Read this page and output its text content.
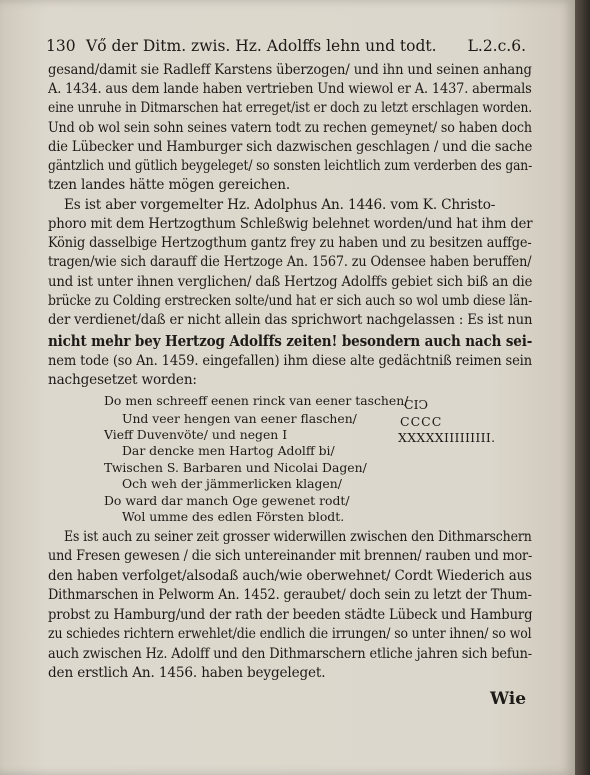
130 Vő der Ditm. zwis. Hz. Adolffs lehn und todt. L.2.c.6.
gesand/damit sie Radleff Karstens überzogen/ und ihn und seinen anhang
A. 1434. aus dem lande haben vertrieben Und wiewol er A. 1437. abermals
eine unruhe in Ditmarschen hat erreget/ist er doch zu letzt erschlagen worden.
Und ob wol sein sohn seines vatern todt zu rechen gemeynet/ so haben doch
die Lübecker und Hamburger sich dazwischen geschlagen / und die sache
gäntzlich und gütlich beygeleget/ so sonsten leichtlich zum verderben des gan-
tzen landes hätte mögen gereichen.
Es ist aber vorgemelter Hz. Adolphus An. 1446. vom K. Christo-
phoro mit dem Hertzogthum Schleßwig belehnet worden/und hat ihm der
König dasselbige Hertzogthum gantz frey zu haben und zu besitzen auffge-
tragen/wie sich darauff die Hertzoge An. 1567. zu Odensee haben beruffen/
und ist unter ihnen verglichen/ daß Hertzog Adolffs gebiet sich biß an die
brücke zu Colding erstrecken solte/und hat er sich auch so wol umb diese län-
der verdienet/daß er nicht allein das sprichwort nachgelassen : Es ist nun
nicht mehr bey Hertzog Adolffs zeiten! besondern auch nach sei-
nem tode (so An. 1459. eingefallen) ihm diese alte gedächtniß reimen sein
nachgesetzet worden:
Do men schreeff eenen rinck van eener taschen/
Und veer hengen van eener flaschen/
Vieff Duvenvöte/ und negen I
Dar dencke men Hartog Adolff bi/
Twischen S. Barbaren und Nicolai Dagen/
Och weh der jämmerlicken klagen/
Do ward dar manch Oge gewenet rodt/
Wol umme des edlen Försten blodt.
CIↃ
CCCC
XXXXXIIIIIIIII.
Es ist auch zu seiner zeit grosser widerwillen zwischen den Dithmarschern
und Fresen gewesen / die sich untereinander mit brennen/ rauben und mor-
den haben verfolget/alsodaß auch/wie oberwehnet/ Cordt Wiederich aus
Dithmarschen in Pelworm An. 1452. geraubet/ doch sein zu letzt der Thum-
probst zu Hamburg/und der rath der beeden städte Lübeck und Hamburg
zu schiedes richtern erwehlet/die endlich die irrungen/ so unter ihnen/ so wol
auch zwischen Hz. Adolff und den Dithmarschern etliche jahren sich befun-
den erstlich An. 1456. haben beygeleget.
Wie
